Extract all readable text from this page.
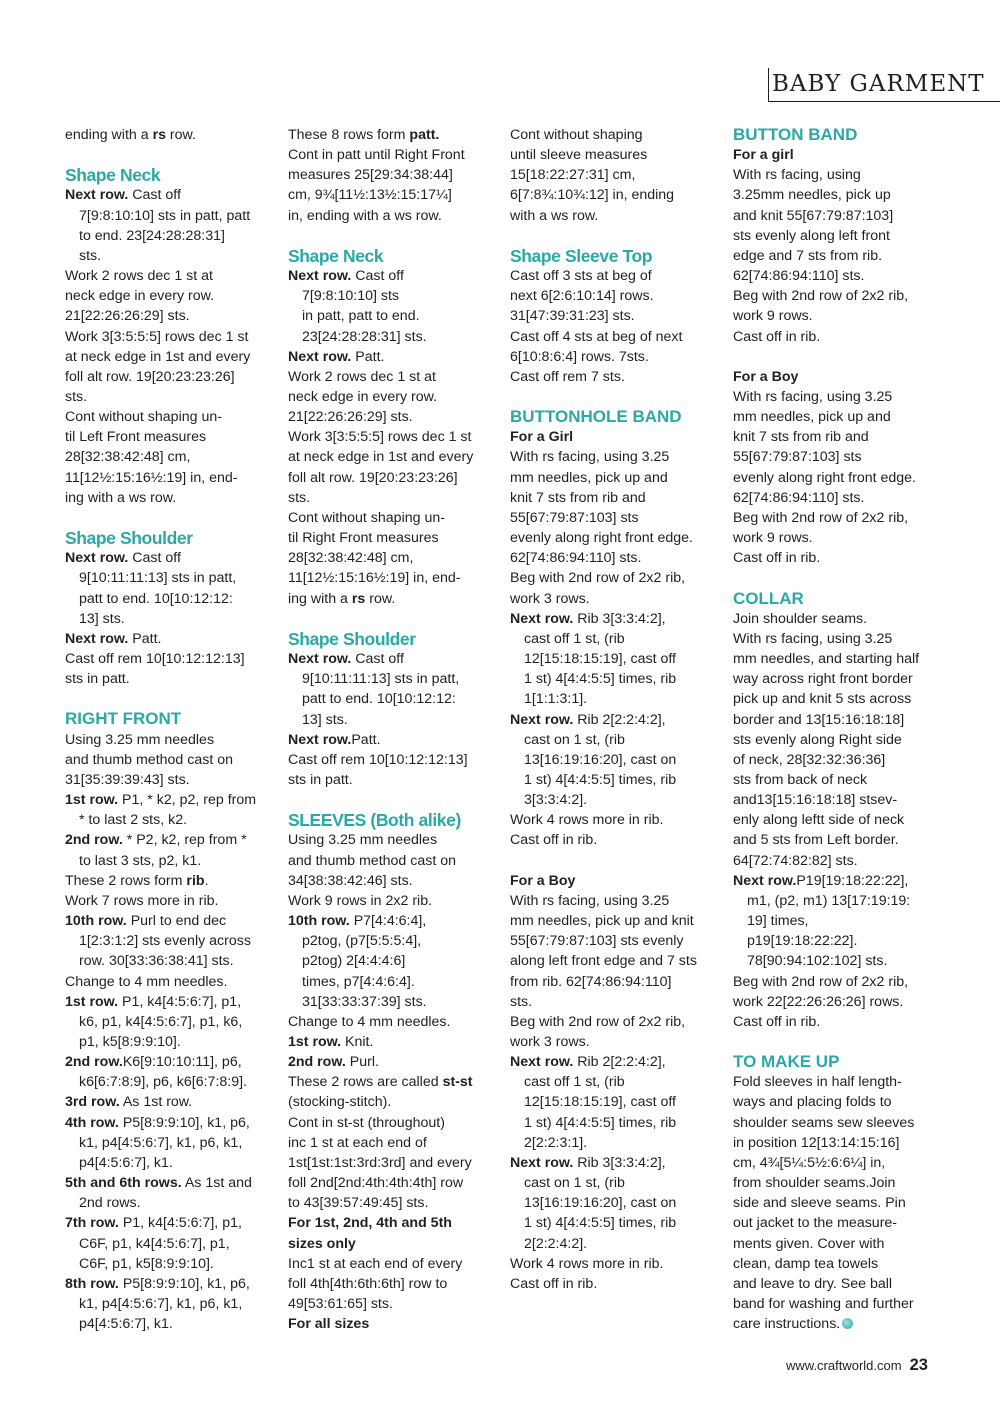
BABY GARMENT
ending with a rs row.
Shape Neck
Next row. Cast off
7[9:8:10:10] sts in patt, patt
to end. 23[24:28:28:31]
sts.
Work 2 rows dec 1 st at
neck edge in every row.
21[22:26:26:29] sts.
Work 3[3:5:5:5] rows dec 1 st
at neck edge in 1st and every
foll alt row. 19[20:23:23:26]
sts.
Cont without shaping un-
til Left Front measures
28[32:38:42:48] cm,
11[12½:15:16½:19] in, end-
ing with a ws row.
Shape Shoulder
Next row. Cast off
9[10:11:11:13] sts in patt,
patt to end. 10[10:12:12:
13] sts.
Next row. Patt.
Cast off rem 10[10:12:12:13]
sts in patt.
RIGHT FRONT
Using 3.25 mm needles
and thumb method cast on
31[35:39:39:43] sts.
1st row. P1, * k2, p2, rep from
* to last 2 sts, k2.
2nd row. * P2, k2, rep from *
to last 3 sts, p2, k1.
These 2 rows form rib.
Work 7 rows more in rib.
10th row. Purl to end dec
1[2:3:1:2] sts evenly across
row. 30[33:36:38:41] sts.
Change to 4 mm needles.
1st row. P1, k4[4:5:6:7], p1,
k6, p1, k4[4:5:6:7], p1, k6,
p1, k5[8:9:9:10].
2nd row.K6[9:10:10:11], p6,
k6[6:7:8:9], p6, k6[6:7:8:9].
3rd row. As 1st row.
4th row. P5[8:9:9:10], k1, p6,
k1, p4[4:5:6:7], k1, p6, k1,
p4[4:5:6:7], k1.
5th and 6th rows. As 1st and
2nd rows.
7th row. P1, k4[4:5:6:7], p1,
C6F, p1, k4[4:5:6:7], p1,
C6F, p1, k5[8:9:9:10].
8th row. P5[8:9:9:10], k1, p6,
k1, p4[4:5:6:7], k1, p6, k1,
p4[4:5:6:7], k1.
These 8 rows form patt.
Cont in patt until Right Front
measures 25[29:34:38:44]
cm, 9¾[11½:13½:15:17¼]
in, ending with a ws row.
Shape Neck
Next row. Cast off
7[9:8:10:10] sts
in patt, patt to end.
23[24:28:28:31] sts.
Next row. Patt.
Work 2 rows dec 1 st at
neck edge in every row.
21[22:26:26:29] sts.
Work 3[3:5:5:5] rows dec 1 st
at neck edge in 1st and every
foll alt row. 19[20:23:23:26]
sts.
Cont without shaping un-
til Right Front measures
28[32:38:42:48] cm,
11[12½:15:16½:19] in, end-
ing with a rs row.
Shape Shoulder
Next row. Cast off
9[10:11:11:13] sts in patt,
patt to end. 10[10:12:12:
13] sts.
Next row.Patt.
Cast off rem 10[10:12:12:13]
sts in patt.
SLEEVES (Both alike)
Using 3.25 mm needles
and thumb method cast on
34[38:38:42:46] sts.
Work 9 rows in 2x2 rib.
10th row. P7[4:4:6:4],
p2tog, (p7[5:5:5:4],
p2tog) 2[4:4:4:6]
times, p7[4:4:6:4].
31[33:33:37:39] sts.
Change to 4 mm needles.
1st row. Knit.
2nd row. Purl.
These 2 rows are called st-st
(stocking-stitch).
Cont in st-st (throughout)
inc 1 st at each end of
1st[1st:1st:3rd:3rd] and every
foll 2nd[2nd:4th:4th:4th] row
to 43[39:57:49:45] sts.
For 1st, 2nd, 4th and 5th
sizes only
Inc1 st at each end of every
foll 4th[4th:6th:6th] row to
49[53:61:65] sts.
For all sizes
Cont without shaping
until sleeve measures
15[18:22:27:31] cm,
6[7:8¾:10¾:12] in, ending
with a ws row.
Shape Sleeve Top
Cast off 3 sts at beg of
next 6[2:6:10:14] rows.
31[47:39:31:23] sts.
Cast off 4 sts at beg of next
6[10:8:6:4] rows. 7sts.
Cast off rem 7 sts.
BUTTONHOLE BAND
For a Girl
With rs facing, using 3.25
mm needles, pick up and
knit 7 sts from rib and
55[67:79:87:103] sts
evenly along right front edge.
62[74:86:94:110] sts.
Beg with 2nd row of 2x2 rib,
work 3 rows.
Next row. Rib 3[3:3:4:2],
cast off 1 st, (rib
12[15:18:15:19], cast off
1 st) 4[4:4:5:5] times, rib
1[1:1:3:1].
Next row. Rib 2[2:2:4:2],
cast on 1 st, (rib
13[16:19:16:20], cast on
1 st) 4[4:4:5:5] times, rib
3[3:3:4:2].
Work 4 rows more in rib.
Cast off in rib.
For a Boy
With rs facing, using 3.25
mm needles, pick up and knit
55[67:79:87:103] sts evenly
along left front edge and 7 sts
from rib. 62[74:86:94:110]
sts.
Beg with 2nd row of 2x2 rib,
work 3 rows.
Next row. Rib 2[2:2:4:2],
cast off 1 st, (rib
12[15:18:15:19], cast off
1 st) 4[4:4:5:5] times, rib
2[2:2:3:1].
Next row. Rib 3[3:3:4:2],
cast on 1 st, (rib
13[16:19:16:20], cast on
1 st) 4[4:4:5:5] times, rib
2[2:2:4:2].
Work 4 rows more in rib.
Cast off in rib.
BUTTON BAND
For a girl
With rs facing, using
3.25mm needles, pick up
and knit 55[67:79:87:103]
sts evenly along left front
edge and 7 sts from rib.
62[74:86:94:110] sts.
Beg with 2nd row of 2x2 rib,
work 9 rows.
Cast off in rib.
For a Boy
With rs facing, using 3.25
mm needles, pick up and
knit 7 sts from rib and
55[67:79:87:103] sts
evenly along right front edge.
62[74:86:94:110] sts.
Beg with 2nd row of 2x2 rib,
work 9 rows.
Cast off in rib.
COLLAR
Join shoulder seams.
With rs facing, using 3.25
mm needles, and starting half
way across right front border
pick up and knit 5 sts across
border and 13[15:16:18:18]
sts evenly along Right side
of neck, 28[32:32:36:36]
sts from back of neck
and13[15:16:18:18] stsev-
enly along leftt side of neck
and 5 sts from Left border.
64[72:74:82:82] sts.
Next row.P19[19:18:22:22],
m1, (p2, m1) 13[17:19:19:
19] times,
p19[19:18:22:22].
78[90:94:102:102] sts.
Beg with 2nd row of 2x2 rib,
work 22[22:26:26:26] rows.
Cast off in rib.
TO MAKE UP
Fold sleeves in half length-
ways and placing folds to
shoulder seams sew sleeves
in position 12[13:14:15:16]
cm, 4¾[5¼:5½:6:6¼] in,
from shoulder seams.Join
side and sleeve seams. Pin
out jacket to the measure-
ments given. Cover with
clean, damp tea towels
and leave to dry. See ball
band for washing and further
care instructions.
www.craftworld.com 23
